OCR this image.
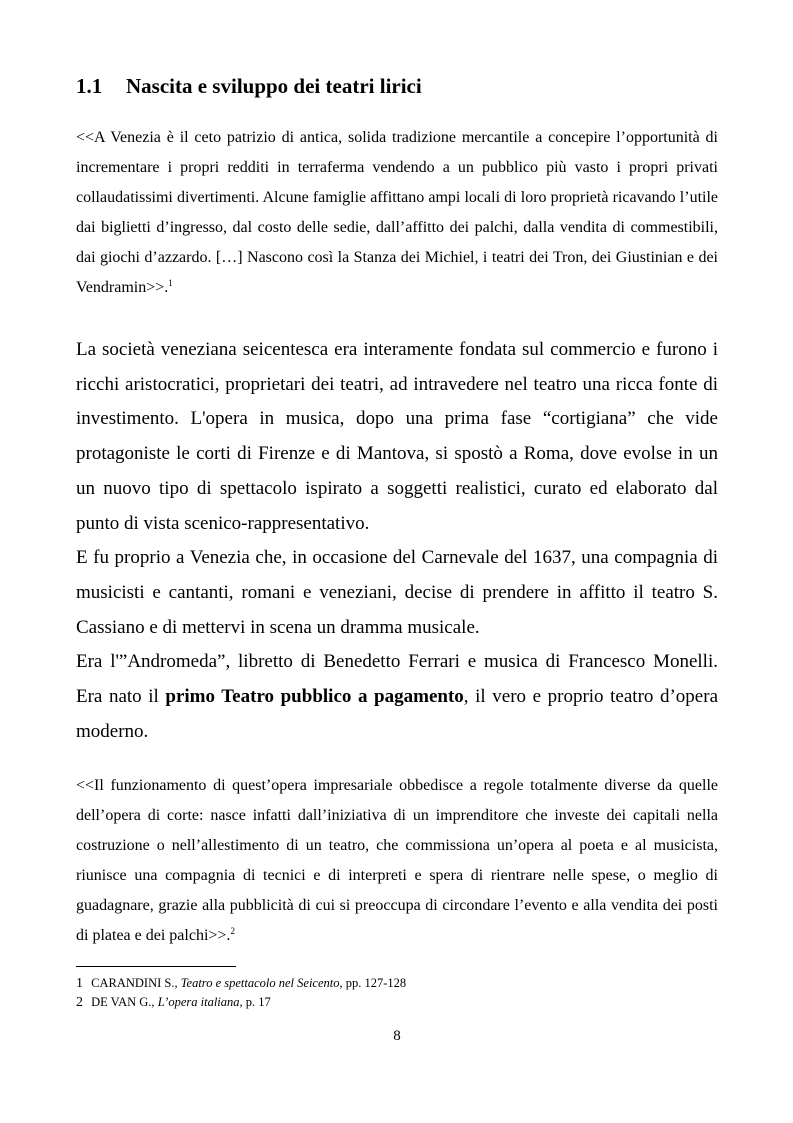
1.1 Nascita e sviluppo dei teatri lirici
<<A Venezia è il ceto patrizio di antica, solida tradizione mercantile a concepire l’opportunità di incrementare i propri redditi in terraferma vendendo a un pubblico più vasto i propri privati collaudatissimi divertimenti. Alcune famiglie affittano ampi locali di loro proprietà ricavando l’utile dai biglietti d’ingresso, dal costo delle sedie, dall’affitto dei palchi, dalla vendita di commestibili, dai giochi d’azzardo. […] Nascono così la Stanza dei Michiel, i teatri dei Tron, dei Giustinian e dei Vendramin>>.$^1$

La società veneziana seicentesca era interamente fondata sul commercio e furono i ricchi aristocratici, proprietari dei teatri, ad intravedere nel teatro una ricca fonte di investimento. L'opera in musica, dopo una prima fase “cortigiana” che vide protagoniste le corti di Firenze e di Mantova, si spostò a Roma, dove evolse in un un nuovo tipo di spettacolo ispirato a soggetti realistici, curato ed elaborato dal punto di vista scenico-rappresentativo.

E fu proprio a Venezia che, in occasione del Carnevale del 1637, una compagnia di musicisti e cantanti, romani e veneziani, decise di prendere in affitto il teatro S. Cassiano e di mettervi in scena un dramma musicale.

Era l'”Andromeda”, libretto di Benedetto Ferrari e musica di Francesco Monelli. Era nato il primo Teatro pubblico a pagamento, il vero e proprio teatro d’opera moderno.

<<Il funzionamento di quest’opera impresariale obbedisce a regole totalmente diverse da quelle dell’opera di corte: nasce infatti dall’iniziativa di un imprenditore che investe dei capitali nella costruzione o nell’allestimento di un teatro, che commissiona un’opera al poeta e al musicista, riunisce una compagnia di tecnici e di interpreti e spera di rientrare nelle spese, o meglio di guadagnare, grazie alla pubblicità di cui si preoccupa di circondare l’evento e alla vendita dei posti di platea e dei palchi>>.$^2$
1 CARANDINI S., Teatro e spettacolo nel Seicento, pp. 127-128
2 DE VAN G., L’opera italiana, p. 17
8
